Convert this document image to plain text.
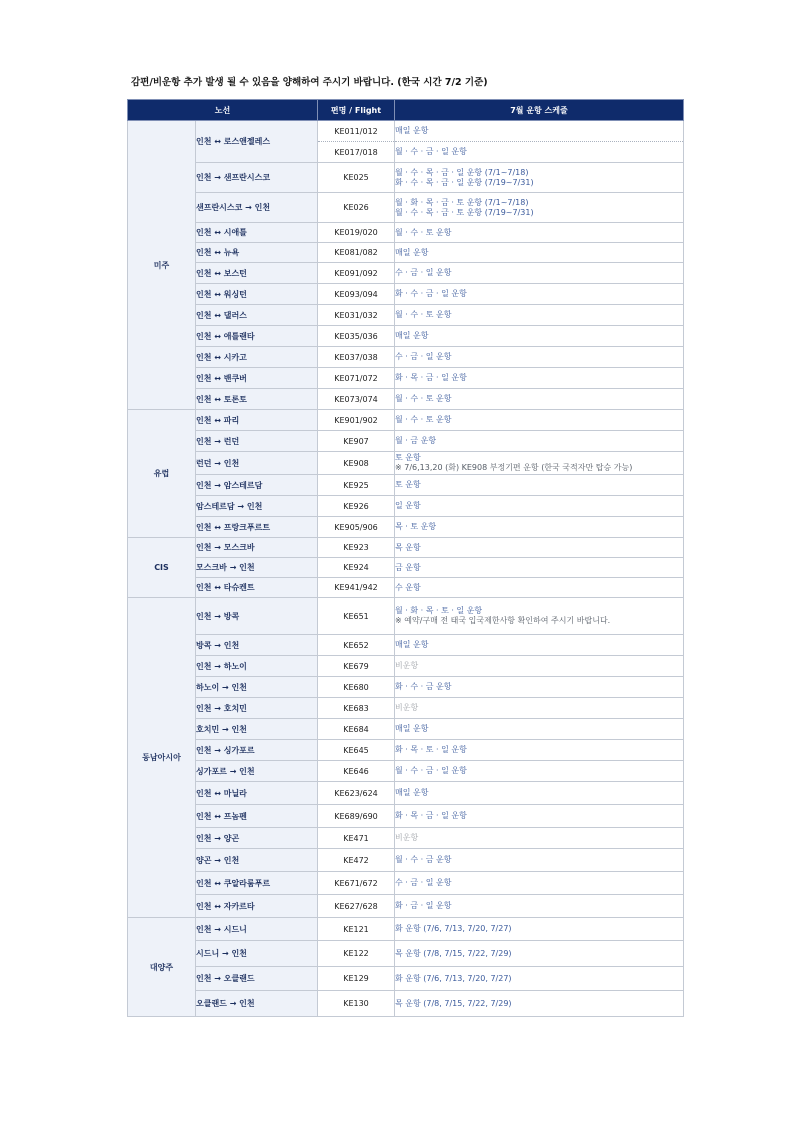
감편/비운항 추가 발생 될 수 있음을 양해하여 주시기 바랍니다. (한국 시간 7/2 기준)
노선		편명 / Flight	7월 운항 스케줄
미주	인천 ↔ 로스앤젤레스	KE011/012	매일 운항

		KE017/018	월 · 수 · 금 · 일 운항

	인천 → 샌프란시스코	KE025	월 · 수 · 목 · 금 · 일 운항 (7/1~7/18)
화 · 수 · 목 · 금 · 일 운항 (7/19~7/31)

	샌프란시스코 → 인천	KE026	월 · 화 · 목 · 금 · 토 운항 (7/1~7/18)
월 · 수 · 목 · 금 · 토 운항 (7/19~7/31)

	인천 ↔ 시애틀	KE019/020	월 · 수 · 토 운항

	인천 ↔ 뉴욕	KE081/082	매일 운항

	인천 ↔ 보스턴	KE091/092	수 · 금 · 일 운항

	인천 ↔ 워싱턴	KE093/094	화 · 수 · 금 · 일 운항

	인천 ↔ 댈러스	KE031/032	월 · 수 · 토 운항

	인천 ↔ 애틀랜타	KE035/036	매일 운항

	인천 ↔ 시카고	KE037/038	수 · 금 · 일 운항

	인천 ↔ 밴쿠버	KE071/072	화 · 목 · 금 · 일 운항

	인천 ↔ 토론토	KE073/074	월 · 수 · 토 운항

유럽	인천 ↔ 파리	KE901/902	월 · 수 · 토 운항

	인천 → 런던	KE907	월 · 금 운항

	런던 → 인천	KE908	토 운항
※ 7/6,13,20 (화) KE908 부정기편 운항 (한국 국적자만 탑승 가능)

	인천 → 암스테르담	KE925	토 운항

	암스테르담 → 인천	KE926	일 운항

	인천 ↔ 프랑크푸르트	KE905/906	목 · 토 운항

CIS	인천 → 모스크바	KE923	목 운항

	모스크바 → 인천	KE924	금 운항

	인천 ↔ 타슈켄트	KE941/942	수 운항

동남아시아	인천 → 방콕	KE651	월 · 화 · 목 · 토 · 일 운항
※ 예약/구매 전 태국 입국제한사항 확인하여 주시기 바랍니다.

	방콕 → 인천	KE652	매일 운항

	인천 → 하노이	KE679	비운항

	하노이 → 인천	KE680	화 · 수 · 금 운항

	인천 → 호치민	KE683	비운항

	호치민 → 인천	KE684	매일 운항

	인천 → 싱가포르	KE645	화 · 목 · 토 · 일 운항

	싱가포르 → 인천	KE646	월 · 수 · 금 · 일 운항

	인천 ↔ 마닐라	KE623/624	매일 운항

	인천 ↔ 프놈펜	KE689/690	화 · 목 · 금 · 일 운항

	인천 → 양곤	KE471	비운항

	양곤 → 인천	KE472	월 · 수 · 금 운항

	인천 ↔ 쿠알라룸푸르	KE671/672	수 · 금 · 일 운항

	인천 ↔ 자카르타	KE627/628	화 · 금 · 일 운항

대양주	인천 → 시드니	KE121	화 운항 (7/6, 7/13, 7/20, 7/27)

	시드니 → 인천	KE122	목 운항 (7/8, 7/15, 7/22, 7/29)

	인천 → 오클랜드	KE129	화 운항 (7/6, 7/13, 7/20, 7/27)

	오클랜드 → 인천	KE130	목 운항 (7/8, 7/15, 7/22, 7/29)
